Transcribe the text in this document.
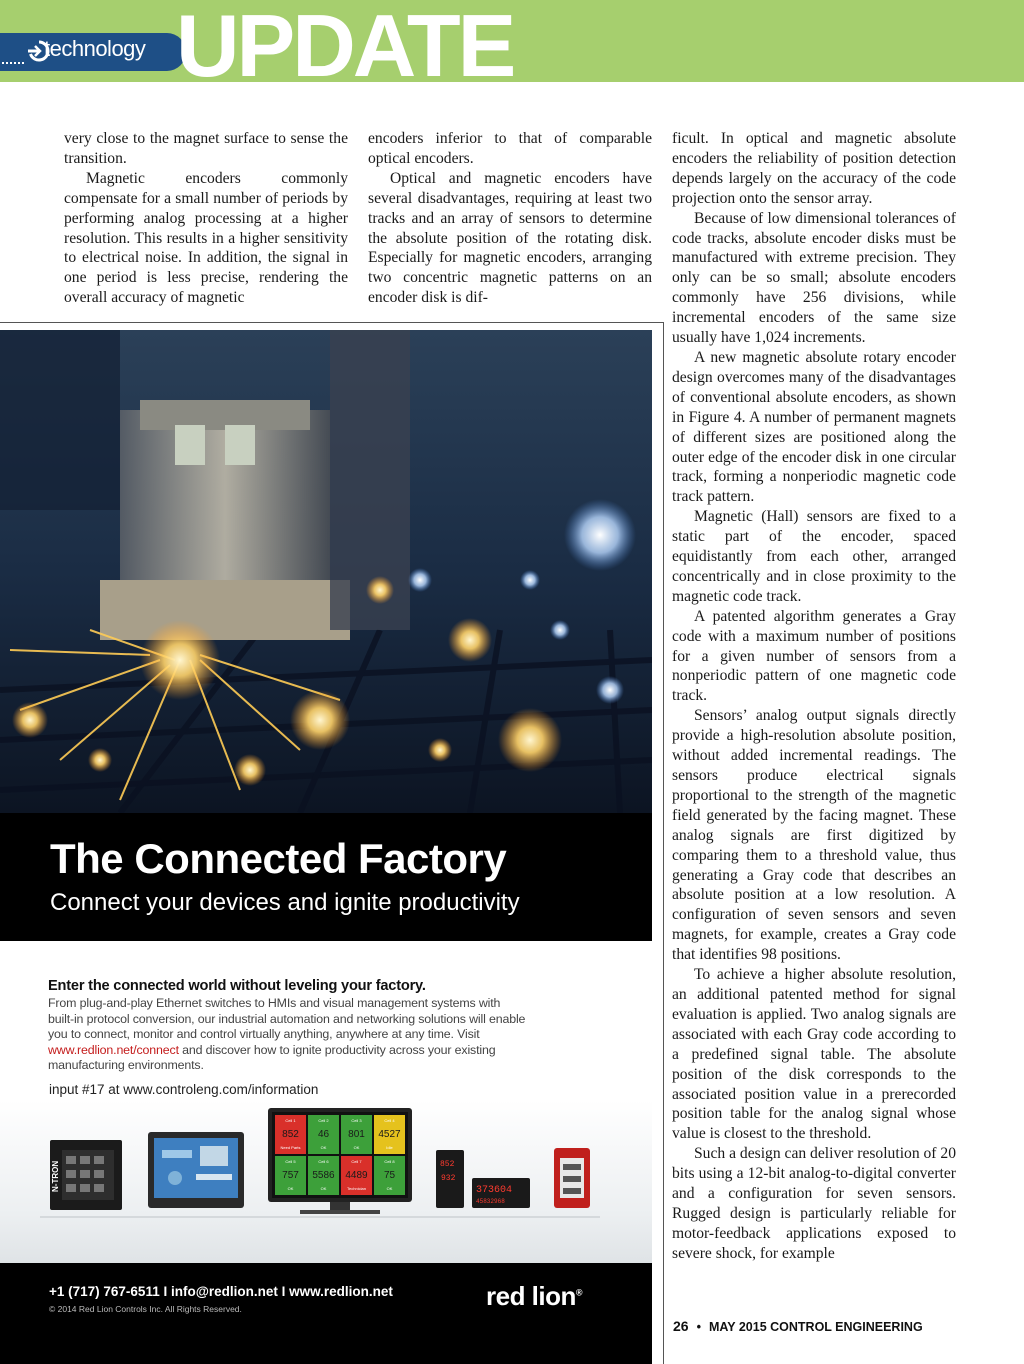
technology UPDATE

very close to the magnet surface to sense the transition.

Magnetic encoders commonly compensate for a small number of periods by performing analog processing at a higher resolution. This results in a higher sensitivity to electrical noise. In addition, the signal in one period is less precise, rendering the overall accuracy of magnetic

encoders inferior to that of comparable optical encoders.

Optical and magnetic encoders have several disadvantages, requiring at least two tracks and an array of sensors to determine the absolute position of the rotating disk. Especially for magnetic encoders, arranging two concentric magnetic patterns on an encoder disk is dif-

ficult. In optical and magnetic absolute encoders the reliability of position detection depends largely on the accuracy of the code projection onto the sensor array.

Because of low dimensional tolerances of code tracks, absolute encoder disks must be manufactured with extreme precision. They only can be so small; absolute encoders commonly have 256 divisions, while incremental encoders of the same size usually have 1,024 increments.

A new magnetic absolute rotary encoder design overcomes many of the disadvantages of conventional absolute encoders, as shown in Figure 4. A number of permanent magnets of different sizes are positioned along the outer edge of the encoder disk in one circular track, forming a nonperiodic magnetic code track pattern.

Magnetic (Hall) sensors are fixed to a static part of the encoder, spaced equidistantly from each other, arranged concentrically and in close proximity to the magnetic code track.

A patented algorithm generates a Gray code with a maximum number of positions for a given number of sensors from a nonperiodic pattern of one magnetic code track.

Sensors’ analog output signals directly provide a high-resolution absolute position, without added incremental readings. The sensors produce electrical signals proportional to the strength of the magnetic field generated by the facing magnet. These analog signals are first digitized by comparing them to a threshold value, thus generating a Gray code that describes an absolute position at a low resolution. A configuration of seven sensors and seven magnets, for example, creates a Gray code that identifies 98 positions.

To achieve a higher absolute resolution, an additional patented method for signal evaluation is applied. Two analog signals are associated with each Gray code according to a predefined signal table. The absolute position of the disk corresponds to the associated position value in a prerecorded position table for the analog signal whose value is closest to the threshold.

Such a design can deliver resolution of 20 bits using a 12-bit analog-to-digital converter and a configuration for seven sensors. Rugged design is particularly reliable for motor-feedback applications exposed to severe shock, for example

The Connected Factory
Connect your devices and ignite productivity
Enter the connected world without leveling your factory.
From plug-and-play Ethernet switches to HMIs and visual management systems with built-in protocol conversion, our industrial automation and networking solutions will enable you to connect, monitor and control virtually anything, anywhere at any time. Visit www.redlion.net/connect and discover how to ignite productivity across your existing manufacturing environments.
input #17 at www.controleng.com/information
N-TRON
Cell 1
852
Need Parts
Cell 2
46
OK
Cell 3
801
OK
Cell 4
4527
Idle
Cell 5
757
OK
Cell 6
5586
OK
Cell 7
4489
Technician
Cell 8
75
OK
852
932
373604
45832968
+1 (717) 767-6511 I info@redlion.net I www.redlion.net
© 2014 Red Lion Controls Inc. All Rights Reserved.	red lion®
26 • MAY 2015 CONTROL ENGINEERING
